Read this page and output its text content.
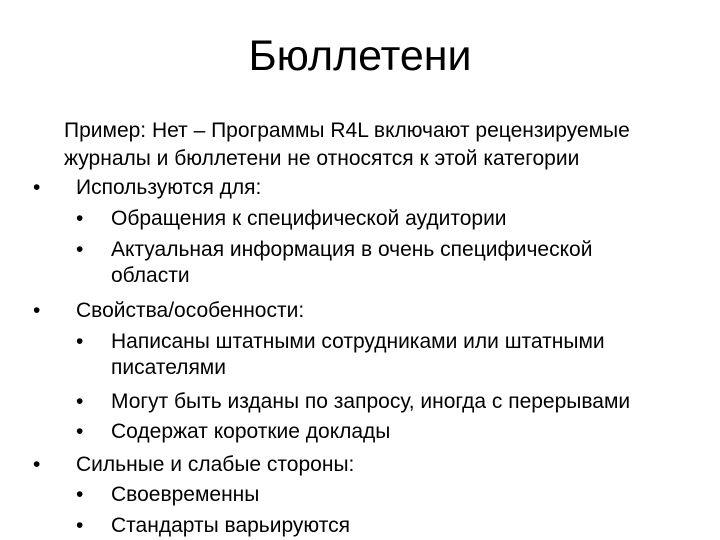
Бюллетени
Пример: Нет – Программы R4L включают рецензируемые
журналы и бюллетени не относятся к этой категории
• Используются для:
• Обращения к специфической аудитории
• Актуальная информация в очень специфической
области
• Свойства/особенности:
• Написаны штатными сотрудниками или штатными
писателями
• Могут быть изданы по запросу, иногда с перерывами
• Содержат короткие доклады
• Сильные и слабые стороны:
• Своевременны
• Стандарты варьируются
